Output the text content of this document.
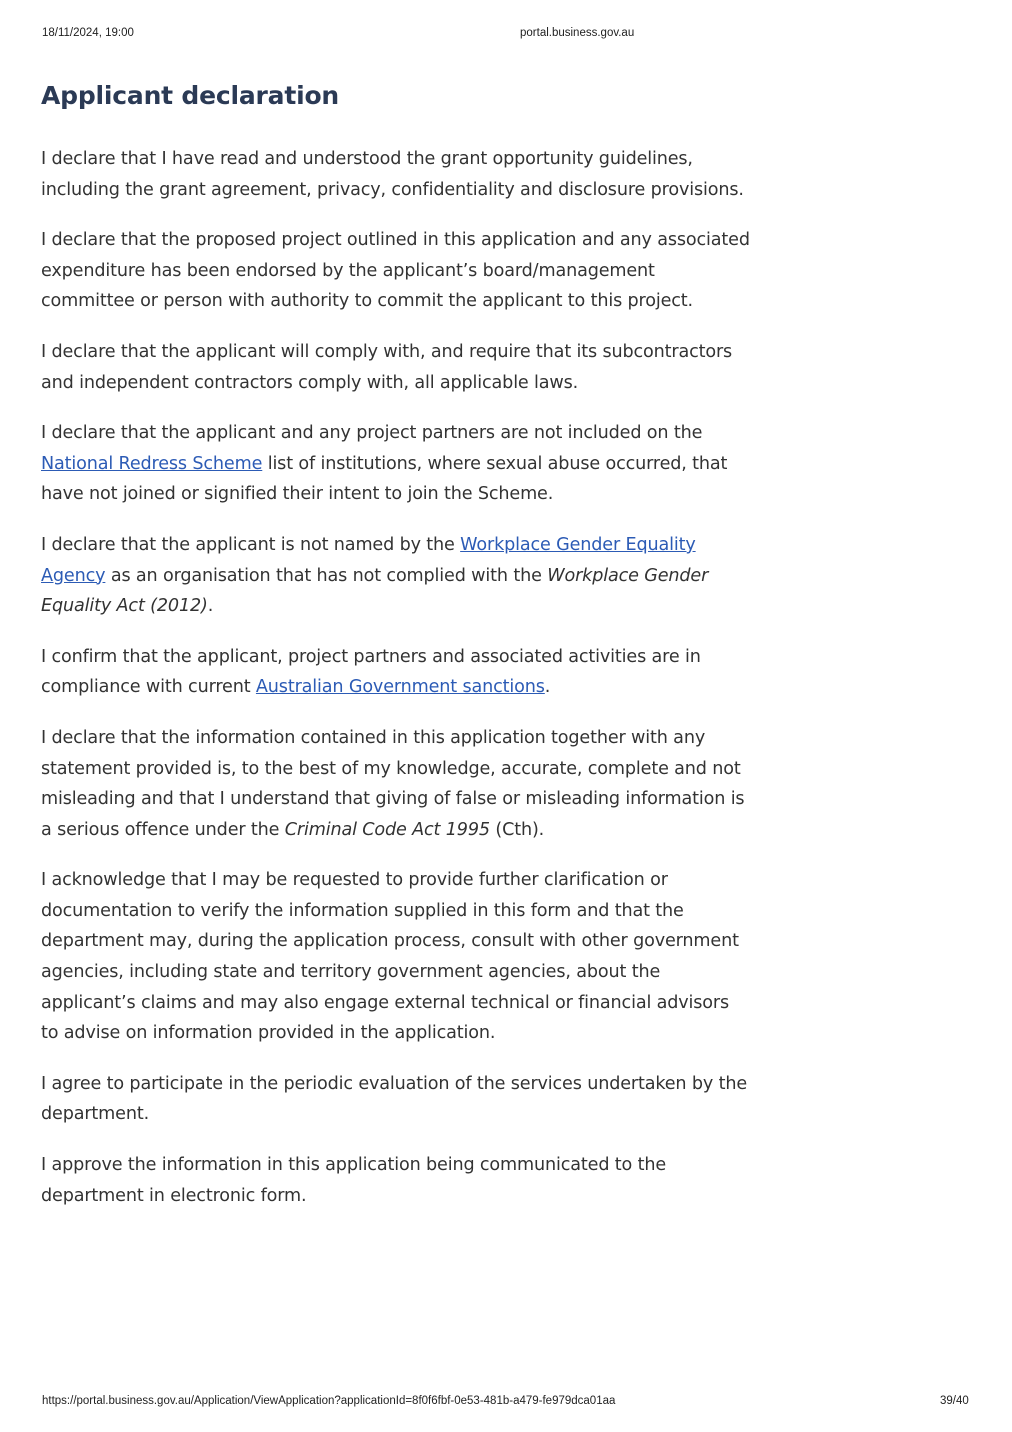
18/11/2024, 19:00	portal.business.gov.au
Applicant declaration

I declare that I have read and understood the grant opportunity guidelines, including the grant agreement, privacy, confidentiality and disclosure provisions.

I declare that the proposed project outlined in this application and any associated expenditure has been endorsed by the applicant’s board/management committee or person with authority to commit the applicant to this project.

I declare that the applicant will comply with, and require that its subcontractors and independent contractors comply with, all applicable laws.

I declare that the applicant and any project partners are not included on the National Redress Scheme list of institutions, where sexual abuse occurred, that have not joined or signified their intent to join the Scheme.

I declare that the applicant is not named by the Workplace Gender Equality Agency as an organisation that has not complied with the Workplace Gender Equality Act (2012).

I confirm that the applicant, project partners and associated activities are in compliance with current Australian Government sanctions.

I declare that the information contained in this application together with any statement provided is, to the best of my knowledge, accurate, complete and not misleading and that I understand that giving of false or misleading information is a serious offence under the Criminal Code Act 1995 (Cth).

I acknowledge that I may be requested to provide further clarification or documentation to verify the information supplied in this form and that the department may, during the application process, consult with other government agencies, including state and territory government agencies, about the applicant’s claims and may also engage external technical or financial advisors to advise on information provided in the application.

I agree to participate in the periodic evaluation of the services undertaken by the department.

I approve the information in this application being communicated to the department in electronic form.

https://portal.business.gov.au/Application/ViewApplication?applicationId=8f0f6fbf-0e53-481b-a479-fe979dca01aa	39/40
